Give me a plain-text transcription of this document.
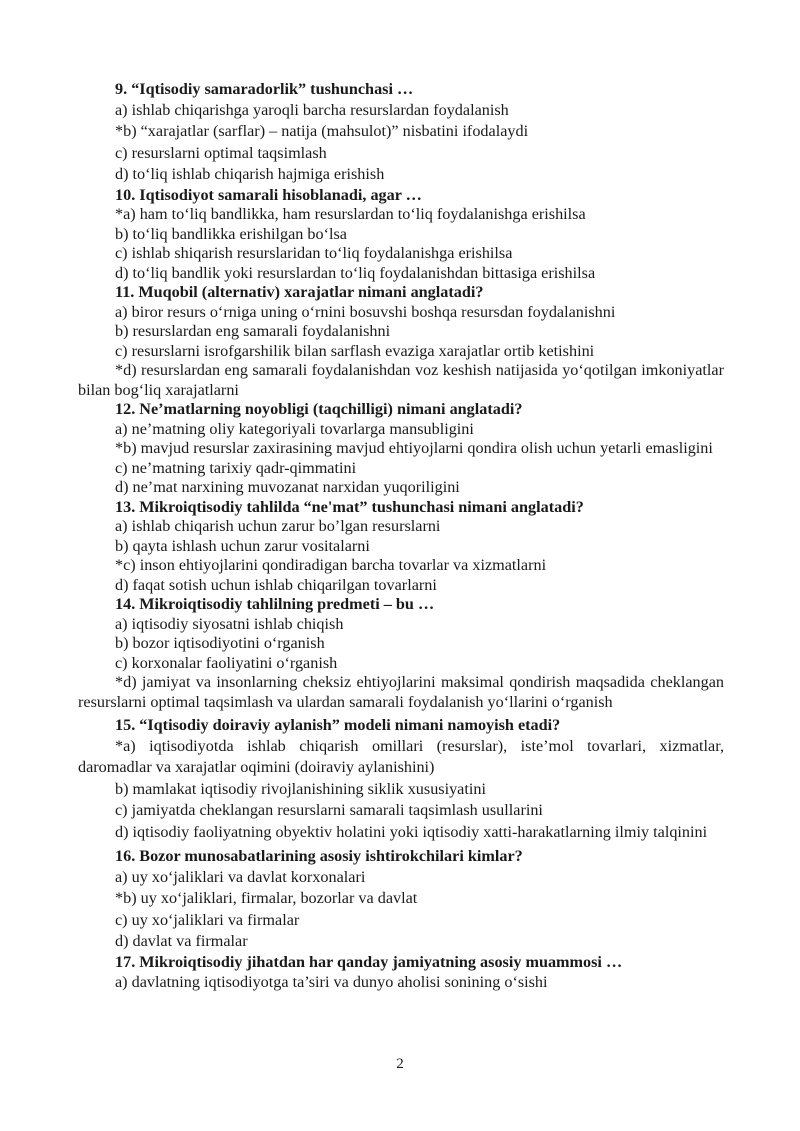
9. “Iqtisodiy samaradorlik” tushunchasi …
a) ishlab chiqarishga yaroqli barcha resurslardan foydalanish
*b) “xarajatlar (sarflar) – natija (mahsulot)” nisbatini ifodalaydi
c) resurslarni optimal taqsimlash
d) to‘liq ishlab chiqarish hajmiga erishish
10. Iqtisodiyot samarali hisoblanadi, agar …
*a) ham to‘liq bandlikka, ham resurslardan to‘liq foydalanishga erishilsa
b) to‘liq bandlikka erishilgan bo‘lsa
c) ishlab shiqarish resurslaridan to‘liq foydalanishga erishilsa
d) to‘liq bandlik yoki resurslardan to‘liq foydalanishdan bittasiga erishilsa
11. Muqobil (alternativ) xarajatlar nimani anglatadi?
a) biror resurs o‘rniga uning o‘rnini bosuvshi boshqa resursdan foydalanishni
b) resurslardan eng samarali foydalanishni
c) resurslarni isrofgarshilik bilan sarflash evaziga xarajatlar ortib ketishini
*d) resurslardan eng samarali foydalanishdan voz keshish natijasida yo‘qotilgan imkoniyatlar bilan bog‘liq xarajatlarni
12. Ne’matlarning noyobligi (taqchilligi) nimani anglatadi?
a) ne’matning oliy kategoriyali tovarlarga mansubligini
*b) mavjud resurslar zaxirasining mavjud ehtiyojlarni qondira olish uchun yetarli emasligini
c) ne’matning tarixiy qadr-qimmatini
d) ne’mat narxining muvozanat narxidan yuqoriligini
13. Mikroiqtisodiy tahlilda “ne'mat” tushunchasi nimani anglatadi?
a) ishlab chiqarish uchun zarur bo’lgan resurslarni
b) qayta ishlash uchun zarur vositalarni
*c) inson ehtiyojlarini qondiradigan barcha tovarlar va xizmatlarni
d) faqat sotish uchun ishlab chiqarilgan tovarlarni
14. Mikroiqtisodiy tahlilning predmeti – bu …
a) iqtisodiy siyosatni ishlab chiqish
b) bozor iqtisodiyotini o‘rganish
c) korxonalar faoliyatini o‘rganish
*d) jamiyat va insonlarning cheksiz ehtiyojlarini maksimal qondirish maqsadida cheklangan resurslarni optimal taqsimlash va ulardan samarali foydalanish yo‘llarini o‘rganish
15. “Iqtisodiy doiraviy aylanish” modeli nimani namoyish etadi?
*a) iqtisodiyotda ishlab chiqarish omillari (resurslar), iste’mol tovarlari, xizmatlar, daromadlar va xarajatlar oqimini (doiraviy aylanishini)
b) mamlakat iqtisodiy rivojlanishining siklik xususiyatini
c) jamiyatda cheklangan resurslarni samarali taqsimlash usullarini
d) iqtisodiy faoliyatning obyektiv holatini yoki iqtisodiy xatti-harakatlarning ilmiy talqinini
16. Bozor munosabatlarining asosiy ishtirokchilari kimlar?
a) uy xo‘jaliklari va davlat korxonalari
*b) uy xo‘jaliklari, firmalar, bozorlar va davlat
c) uy xo‘jaliklari va firmalar
d) davlat va firmalar
17. Mikroiqtisodiy jihatdan har qanday jamiyatning asosiy muammosi …
a) davlatning iqtisodiyotga ta’siri va dunyo aholisi sonining o‘sishi
2
